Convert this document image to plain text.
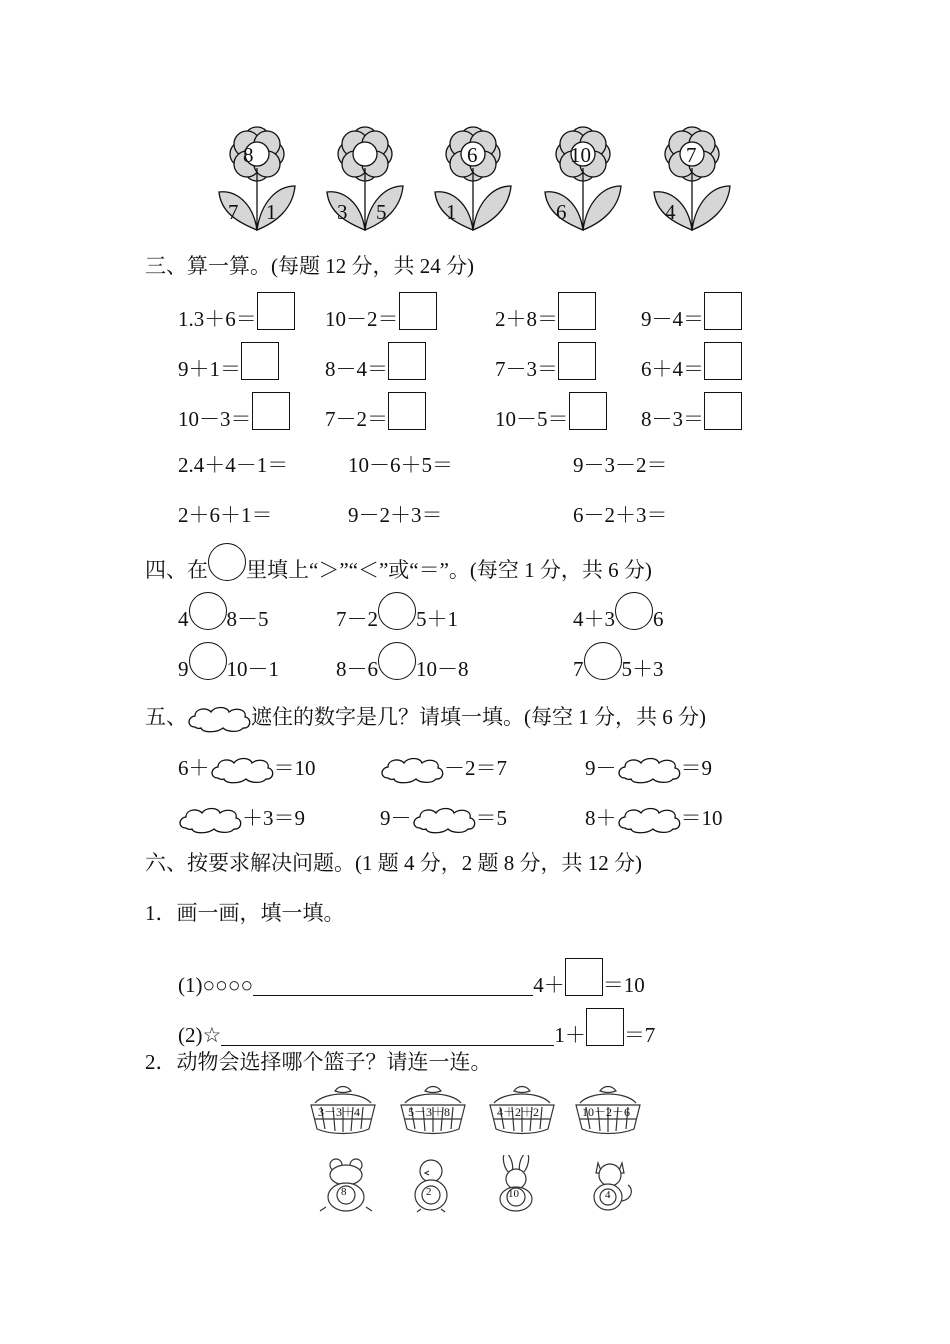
8
7 1	3 5
6
1
10
6
7
4
三、算一算。(每题 12 分，共 24 分)
1.3＋6＝	10－2＝	2＋8＝	9－4＝
9＋1＝	8－4＝	7－3＝	6＋4＝
10－3＝	7－2＝	10－5＝	8－3＝
2.4＋4－1＝	10－6＋5＝	9－3－2＝
2＋6＋1＝	9－2＋3＝	6－2＋3＝
四、在 里填上“＞”“＜”或“＝”。(每空 1 分，共 6 分)
4 8－5	7－2 5＋1	4＋3 6
9 10－1	8－6 10－8	7 5＋3
五、	遮住的数字是几？请填一填。(每空 1 分，共 6 分)
6＋	＝10	－2＝7	9－	＝9
＋3＝9	9－	＝5	8＋	＝10
六、按要求解决问题。(1 题 4 分，2 题 8 分，共 12 分)
1．画一画，填一填。
(1)○○○○	4＋ ＝10
(2)☆	1＋ ＝7
2．动物会选择哪个篮子？请连一连。
3－3＋4	5－3＋8	4＋2＋2	10－2－6
8	2	10	4
